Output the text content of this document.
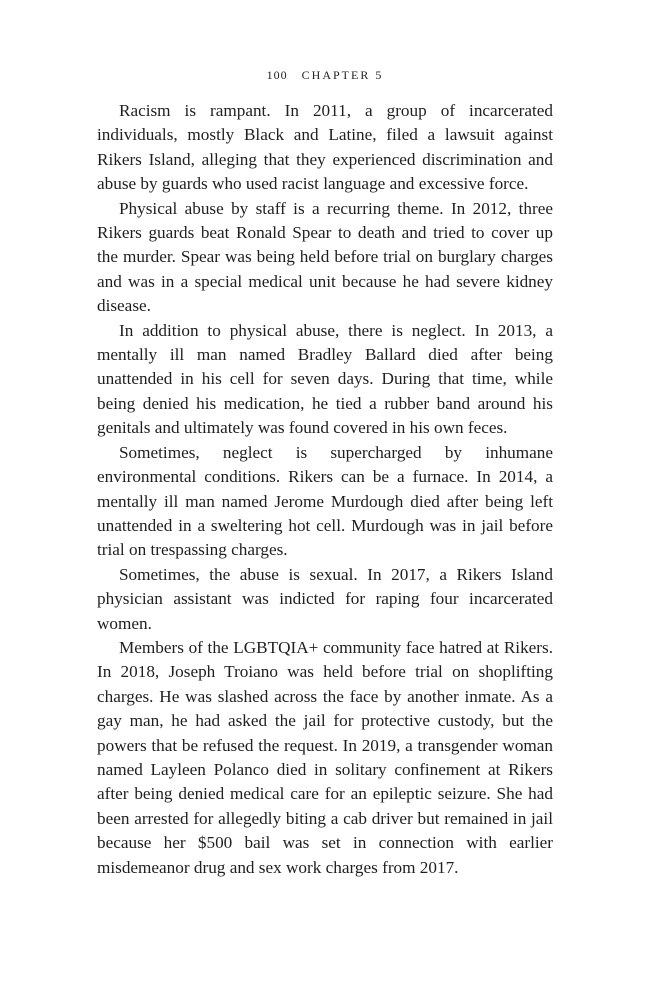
100 CHAPTER 5

Racism is rampant. In 2011, a group of incarcerated individuals, mostly Black and Latine, filed a lawsuit against Rikers Island, alleging that they experienced discrimination and abuse by guards who used racist language and excessive force.

Physical abuse by staff is a recurring theme. In 2012, three Rikers guards beat Ronald Spear to death and tried to cover up the murder. Spear was being held before trial on burglary charges and was in a special medical unit because he had severe kidney disease.

In addition to physical abuse, there is neglect. In 2013, a mentally ill man named Bradley Ballard died after being unattended in his cell for seven days. During that time, while being denied his medication, he tied a rubber band around his genitals and ultimately was found covered in his own feces.

Sometimes, neglect is supercharged by inhumane environmental conditions. Rikers can be a furnace. In 2014, a mentally ill man named Jerome Murdough died after being left unattended in a sweltering hot cell. Murdough was in jail before trial on trespassing charges.

Sometimes, the abuse is sexual. In 2017, a Rikers Island physician assistant was indicted for raping four incarcerated women.

Members of the LGBTQIA+ community face hatred at Rikers. In 2018, Joseph Troiano was held before trial on shoplifting charges. He was slashed across the face by another inmate. As a gay man, he had asked the jail for protective custody, but the powers that be refused the request. In 2019, a transgender woman named Layleen Polanco died in solitary confinement at Rikers after being denied medical care for an epileptic seizure. She had been arrested for allegedly biting a cab driver but remained in jail because her $500 bail was set in connection with earlier misdemeanor drug and sex work charges from 2017.
